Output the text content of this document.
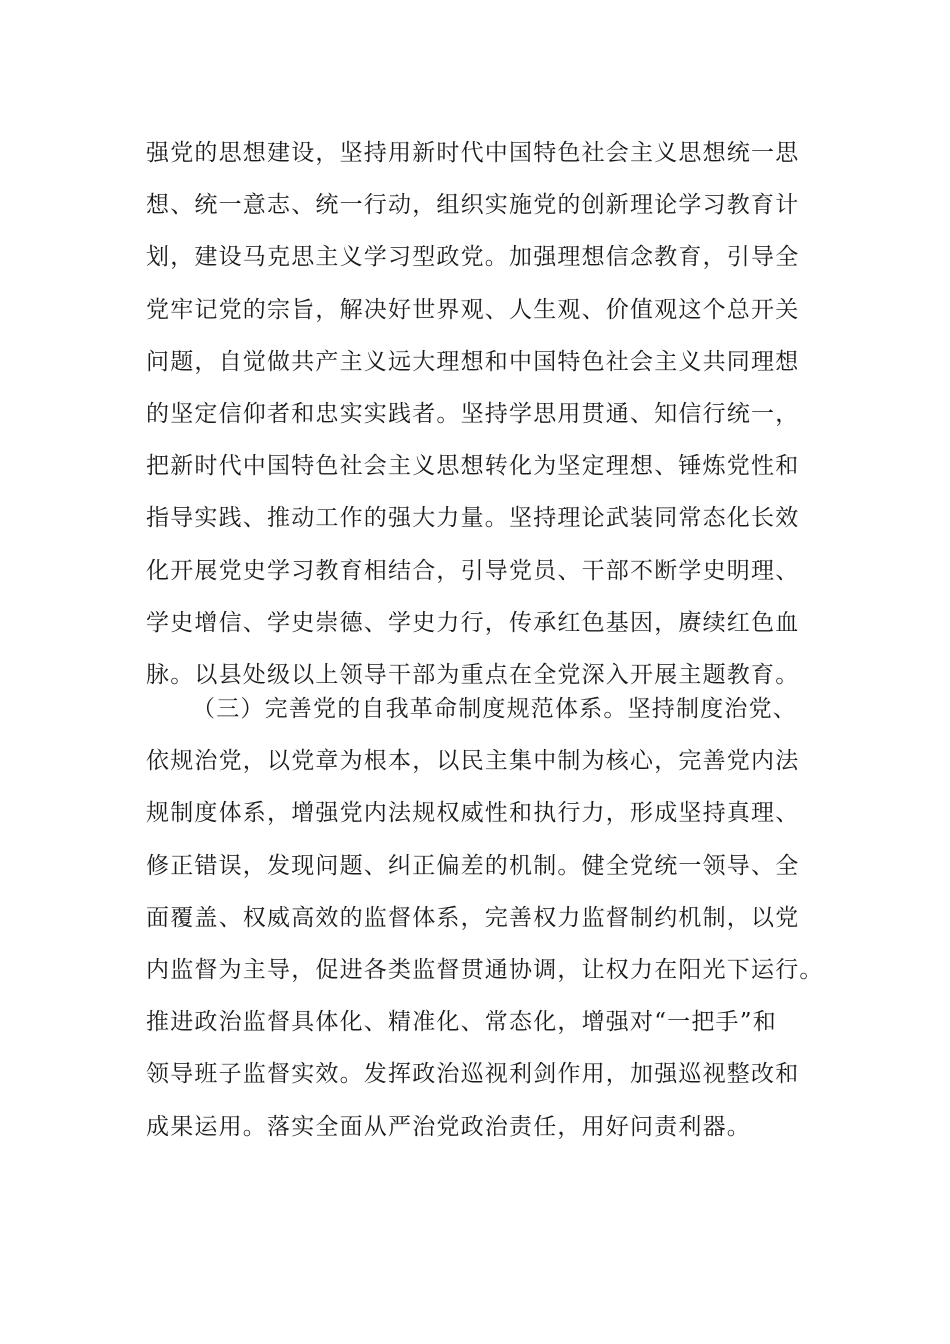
强党的思想建设，坚持用新时代中国特色社会主义思想统一思
想、统一意志、统一行动，组织实施党的创新理论学习教育计
划，建设马克思主义学习型政党。加强理想信念教育，引导全
党牢记党的宗旨，解决好世界观、人生观、价值观这个总开关
问题，自觉做共产主义远大理想和中国特色社会主义共同理想
的坚定信仰者和忠实实践者。坚持学思用贯通、知信行统一，
把新时代中国特色社会主义思想转化为坚定理想、锤炼党性和
指导实践、推动工作的强大力量。坚持理论武装同常态化长效
化开展党史学习教育相结合，引导党员、干部不断学史明理、
学史增信、学史崇德、学史力行，传承红色基因，赓续红色血
脉。以县处级以上领导干部为重点在全党深入开展主题教育。
（三）完善党的自我革命制度规范体系。坚持制度治党、
依规治党，以党章为根本，以民主集中制为核心，完善党内法
规制度体系，增强党内法规权威性和执行力，形成坚持真理、
修正错误，发现问题、纠正偏差的机制。健全党统一领导、全
面覆盖、权威高效的监督体系，完善权力监督制约机制，以党
内监督为主导，促进各类监督贯通协调，让权力在阳光下运行。
推进政治监督具体化、精准化、常态化，增强对“一把手”和
领导班子监督实效。发挥政治巡视利剑作用，加强巡视整改和
成果运用。落实全面从严治党政治责任，用好问责利器。
